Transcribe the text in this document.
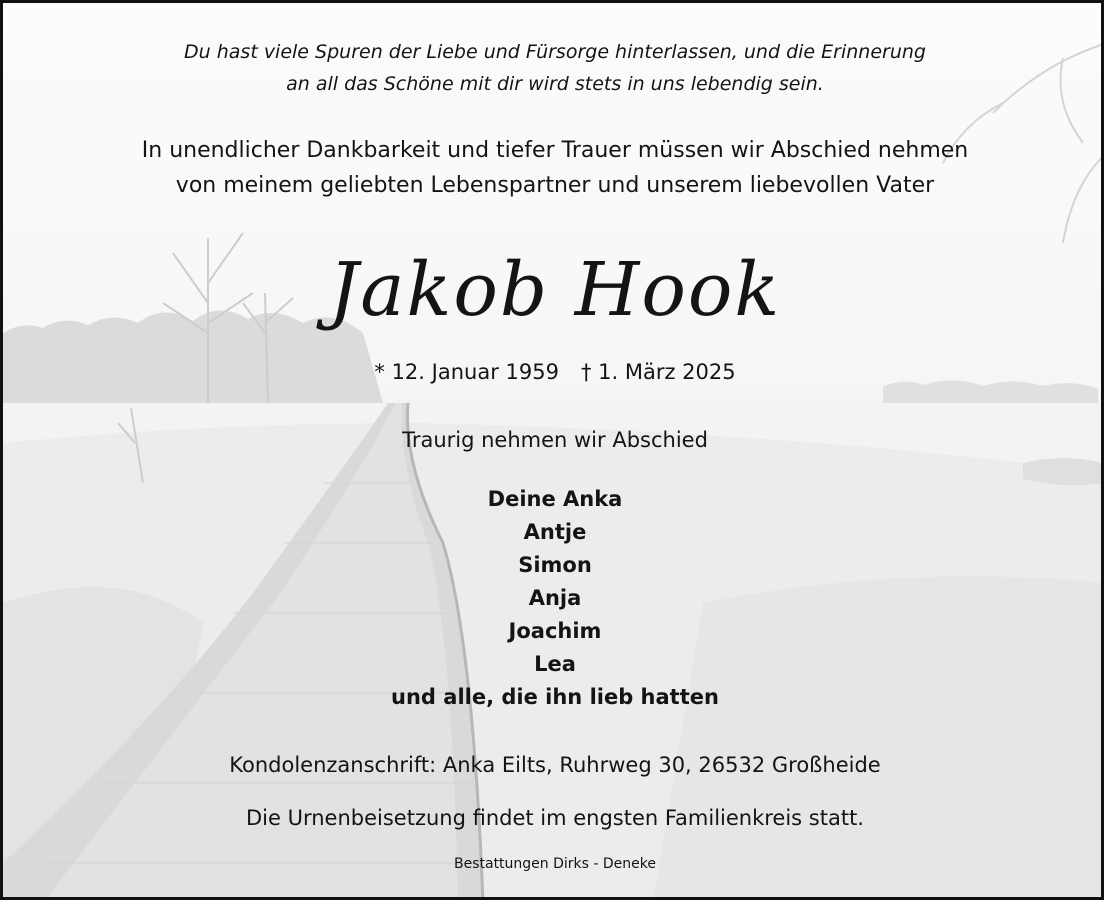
Du hast viele Spuren der Liebe und Fürsorge hinterlassen, und die Erinnerung
an all das Schöne mit dir wird stets in uns lebendig sein.
In unendlicher Dankbarkeit und tiefer Trauer müssen wir Abschied nehmen
von meinem geliebten Lebenspartner und unserem liebevollen Vater
Jakob Hook
* 12. Januar 1959 † 1. März 2025
Traurig nehmen wir Abschied
Deine Anka
Antje
Simon
Anja
Joachim
Lea
und alle, die ihn lieb hatten
Kondolenzanschrift: Anka Eilts, Ruhrweg 30, 26532 Großheide
Die Urnenbeisetzung findet im engsten Familienkreis statt.
Bestattungen Dirks - Deneke
